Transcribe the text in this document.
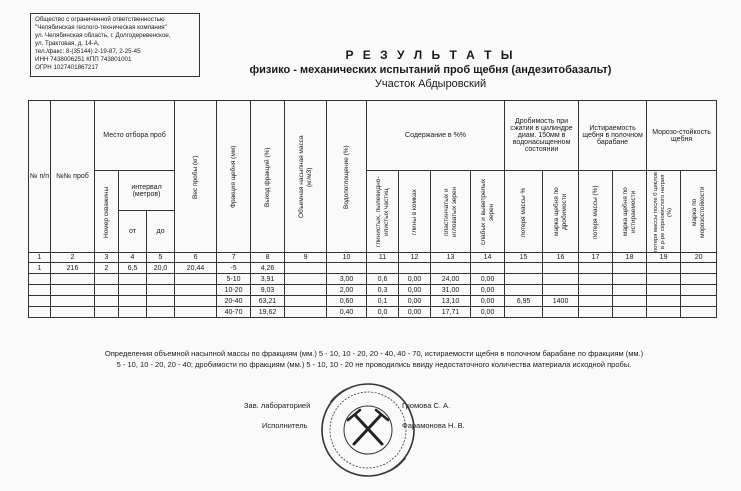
Общество с ограниченной ответственностью
"Челябинская геолого-техническая компания"
ул. Челябинская область, г. Долгодеревенское,
ул. Трактовая, д. 14-А,
тел./факс: 8-(35144) 2-19-87, 2-25-45
ИНН 7438006251 КПП 743801001
ОГРН 1027401867217
Р Е З У Л Ь Т А Т Ы
физико - механических испытаний проб щебня (андезитобазальт)
Участок Абдыровский
№ п/п	№№ проб	Место отбора проб			Вес пробы (кг)	Фракция щебня (мм)	Выход фракций (%)	Объемная насыпная масса (кг/м3)	Водопоглощение (%)	Содержание в %%				Дробимость при сжатии в цилиндре диам. 150мм в водонасыщенном состоянии		Истираемость щебня в полочном барабане		Морозо-стойкость щебня	

		Номер скважины	интервал (метров)							глинистых, пылевидно-илистых частиц	глины в комках	пластинчатых и игловатых зерен	слабых и выветрелых зерен	потеря массы %	марка щебня по дробимости	потеря массы (%)	марка щебня по истираемости	потеря массы после 0 циклов в р-ре сернокислого натрия (%)	марка по морозостойкости

			от	до															
1	2	3	4	5	6	7	8	9	10	11	12	13	14	15	16	17	18	19	20
1	216	2	6,5	20,0	20,44	-5	4,26												
						5-10	3,91		3,00	0,6	0,00	24,00	0,00						
						10-20	9,03		2,00	0,3	0,00	31,00	0,00						
						20-40	63,21		0,60	0,1	0,00	13,10	0,00	6,95	1400				
						40-70	19,62		0,40	0,0	0,00	17,71	0,00						
Определения объемной насыпной массы по фракциям (мм.) 5 - 10, 10 - 20, 20 - 40, 40 - 70, истираемости щебня в полочном барабане по фракциям (мм.)
5 - 10, 10 - 20, 20 - 40; дробимости по фракциям (мм.) 5 - 10, 10 - 20 не проводились ввиду недостаточного количества материала исходной пробы.
Зав. лабораторией	Громова С. А.
Исполнитель	Фарамонова Н. В.
